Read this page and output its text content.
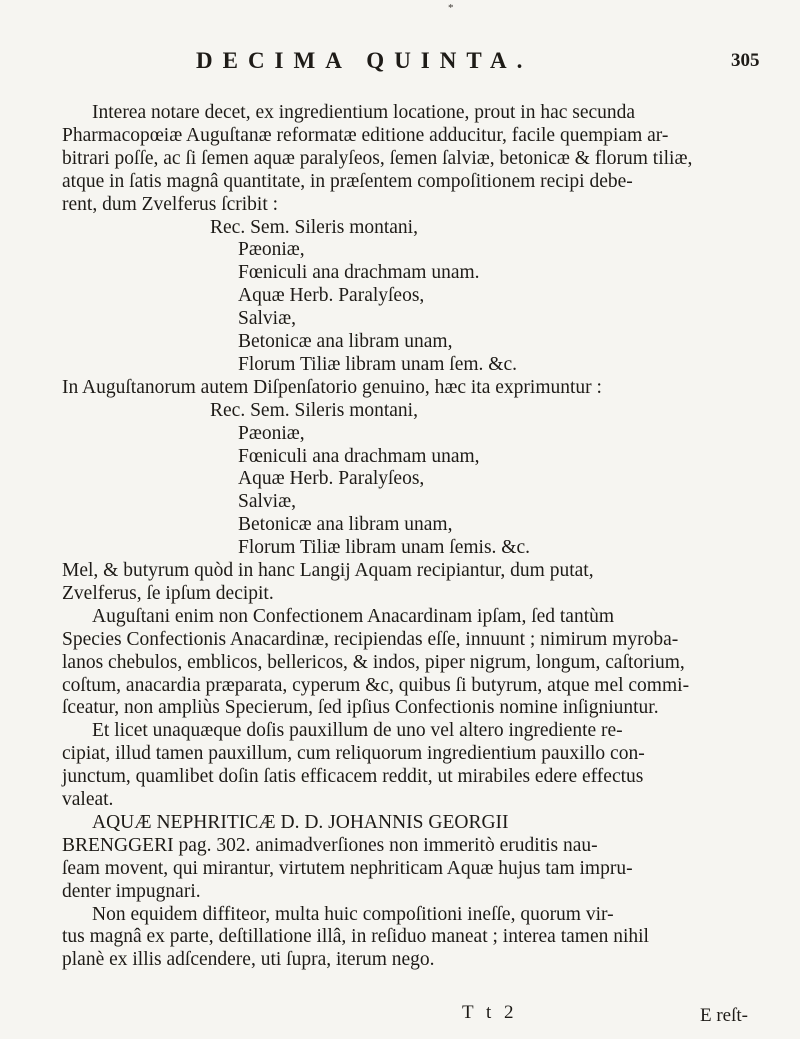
*
DECIMA QUINTA.	305
Interea notare decet, ex ingredientium locatione, prout in hac secunda
Pharmacopœiæ Auguſtanæ reformatæ editione adducitur, facile quempiam ar-
bitrari poſſe, ac ſi ſemen aquæ paralyſeos, ſemen ſalviæ, betonicæ & florum tiliæ,
atque in ſatis magnâ quantitate, in præſentem compoſitionem recipi debe-
rent, dum Zvelferus ſcribit :
Rec. Sem. Sileris montani,
Pæoniæ,
Fœniculi ana drachmam unam.
Aquæ Herb. Paralyſeos,
Salviæ,
Betonicæ ana libram unam,
Florum Tiliæ libram unam ſem. &c.
In Auguſtanorum autem Diſpenſatorio genuino, hæc ita exprimuntur :
Rec. Sem. Sileris montani,
Pæoniæ,
Fœniculi ana drachmam unam,
Aquæ Herb. Paralyſeos,
Salviæ,
Betonicæ ana libram unam,
Florum Tiliæ libram unam ſemis. &c.
Mel, & butyrum quòd in hanc Langij Aquam recipiantur, dum putat,
Zvelferus, ſe ipſum decipit.
Auguſtani enim non Confectionem Anacardinam ipſam, ſed tantùm
Species Confectionis Anacardinæ, recipiendas eſſe, innuunt ; nimirum myroba-
lanos chebulos, emblicos, bellericos, & indos, piper nigrum, longum, caſtorium,
coſtum, anacardia præparata, cyperum &c, quibus ſi butyrum, atque mel commi-
ſceatur, non ampliùs Specierum, ſed ipſius Confectionis nomine inſigniuntur.
Et licet unaquæque doſis pauxillum de uno vel altero ingrediente re-
cipiat, illud tamen pauxillum, cum reliquorum ingredientium pauxillo con-
junctum, quamlibet doſin ſatis efficacem reddit, ut mirabiles edere effectus
valeat.
AQUÆ NEPHRITICÆ D. D. JOHANNIS GEORGII
BRENGGERI pag. 302. animadverſiones non immeritò eruditis nau-
ſeam movent, qui mirantur, virtutem nephriticam Aquæ hujus tam impru-
denter impugnari.
Non equidem diffiteor, multa huic compoſitioni ineſſe, quorum vir-
tus magnâ ex parte, deſtillatione illâ, in reſiduo maneat ; interea tamen nihil
planè ex illis adſcendere, uti ſupra, iterum nego.
T t 2	E reſt-
